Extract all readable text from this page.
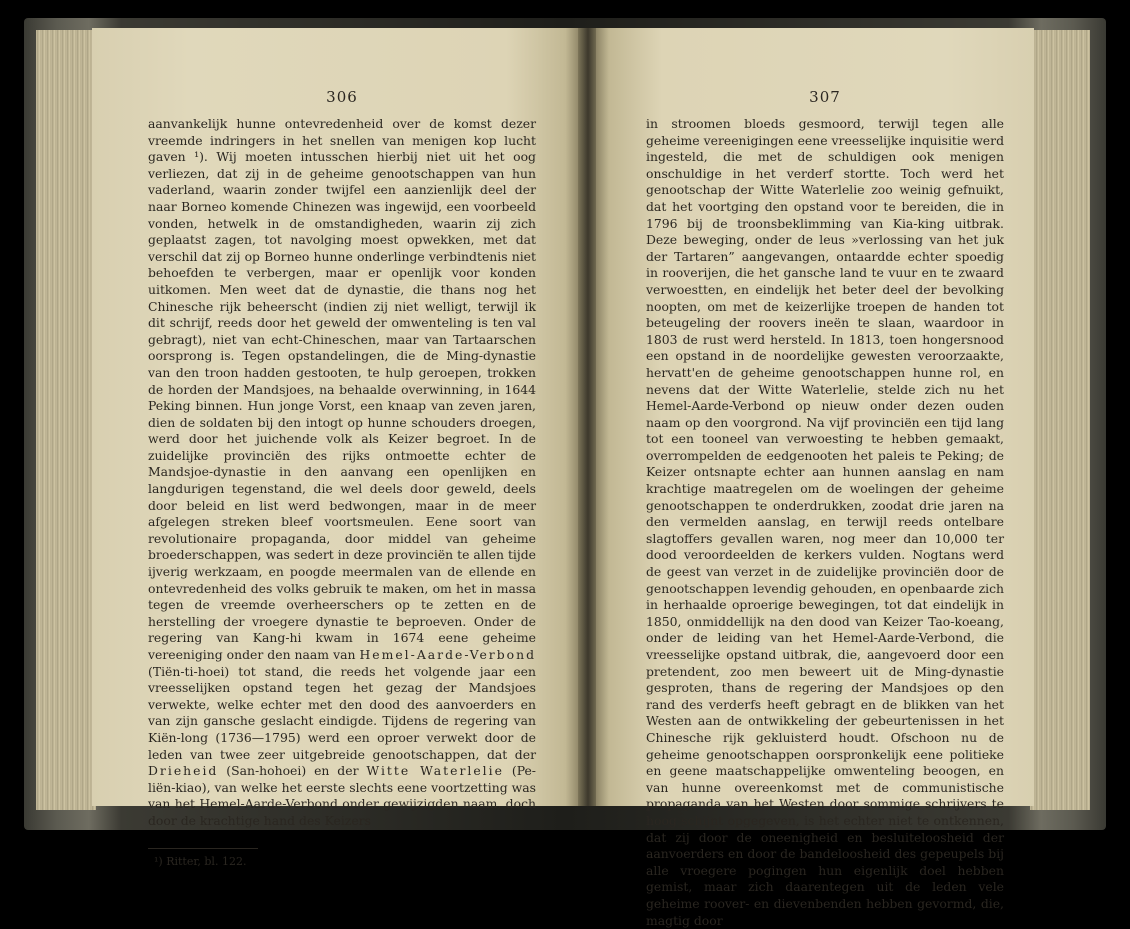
306

aanvankelijk hunne ontevredenheid over de komst dezer vreemde indringers in het snellen van menigen kop lucht gaven ¹). Wij moeten intusschen hierbij niet uit het oog verliezen, dat zij in de geheime genootschappen van hun vaderland, waarin zonder twijfel een aanzienlijk deel der naar Borneo komende Chinezen was ingewijd, een voorbeeld vonden, hetwelk in de omstandigheden, waarin zij zich geplaatst zagen, tot navolging moest opwekken, met dat verschil dat zij op Borneo hunne onderlinge verbindtenis niet behoefden te verbergen, maar er openlijk voor konden uitkomen. Men weet dat de dynastie, die thans nog het Chinesche rijk beheerscht (indien zij niet welligt, terwijl ik dit schrijf, reeds door het geweld der omwenteling is ten val gebragt), niet van echt-Chineschen, maar van Tartaarschen oorsprong is. Tegen opstandelingen, die de Ming-dynastie van den troon hadden gestooten, te hulp geroepen, trokken de horden der Mandsjoes, na behaalde overwinning, in 1644 Peking binnen. Hun jonge Vorst, een knaap van zeven jaren, dien de soldaten bij den intogt op hunne schouders droegen, werd door het juichende volk als Keizer begroet. In de zuidelijke provinciën des rijks ontmoette echter de Mandsjoe-dynastie in den aanvang een openlijken en langdurigen tegenstand, die wel deels door geweld, deels door beleid en list werd bedwongen, maar in de meer afgelegen streken bleef voortsmeulen. Eene soort van revolutionaire propaganda, door middel van geheime broederschappen, was sedert in deze provinciën te allen tijde ijverig werkzaam, en poogde meermalen van de ellende en ontevredenheid des volks gebruik te maken, om het in massa tegen de vreemde overheerschers op te zetten en de herstelling der vroegere dynastie te beproeven. Onder de regering van Kang-hi kwam in 1674 eene geheime vereeniging onder den naam van Hemel-Aarde-Verbond (Tiën-ti-hoei) tot stand, die reeds het volgende jaar een vreesselijken opstand tegen het gezag der Mandsjoes verwekte, welke echter met den dood des aanvoerders en van zijn gansche geslacht eindigde. Tijdens de regering van Kiën-long (1736—1795) werd een oproer verwekt door de leden van twee zeer uitgebreide genootschappen, dat der Drieheid (San-hohoei) en der Witte Waterlelie (Pe-liën-kiao), van welke het eerste slechts eene voortzetting was van het Hemel-Aarde-Verbond onder gewijzigden naam, doch door de krachtige hand des Keizers

¹) Ritter, bl. 122.

307

in stroomen bloeds gesmoord, terwijl tegen alle geheime vereenigingen eene vreesselijke inquisitie werd ingesteld, die met de schuldigen ook menigen onschuldige in het verderf stortte. Toch werd het genootschap der Witte Waterlelie zoo weinig gefnuikt, dat het voortging den opstand voor te bereiden, die in 1796 bij de troonsbeklimming van Kia-king uitbrak. Deze beweging, onder de leus »verlossing van het juk der Tartaren” aangevangen, ontaardde echter spoedig in rooverijen, die het gansche land te vuur en te zwaard verwoestten, en eindelijk het beter deel der bevolking noopten, om met de keizerlijke troepen de handen tot beteugeling der roovers ineën te slaan, waardoor in 1803 de rust werd hersteld. In 1813, toen hongersnood een opstand in de noordelijke gewesten veroorzaakte, hervatt'en de geheime genootschappen hunne rol, en nevens dat der Witte Waterlelie, stelde zich nu het Hemel-Aarde-Verbond op nieuw onder dezen ouden naam op den voorgrond. Na vijf provinciën een tijd lang tot een tooneel van verwoesting te hebben gemaakt, overrompelden de eedgenooten het paleis te Peking; de Keizer ontsnapte echter aan hunnen aanslag en nam krachtige maatregelen om de woelingen der geheime genootschappen te onderdrukken, zoodat drie jaren na den vermelden aanslag, en terwijl reeds ontelbare slagtoffers gevallen waren, nog meer dan 10,000 ter dood veroordeelden de kerkers vulden. Nogtans werd de geest van verzet in de zuidelijke provinciën door de genootschappen levendig gehouden, en openbaarde zich in herhaalde oproerige bewegingen, tot dat eindelijk in 1850, onmiddellijk na den dood van Keizer Tao-koeang, onder de leiding van het Hemel-Aarde-Verbond, die vreesselijke opstand uitbrak, die, aangevoerd door een pretendent, zoo men beweert uit de Ming-dynastie gesproten, thans de regering der Mandsjoes op den rand des verderfs heeft gebragt en de blikken van het Westen aan de ontwikkeling der gebeurtenissen in het Chinesche rijk gekluisterd houdt. Ofschoon nu de geheime genootschappen oorspronkelijk eene politieke en geene maatschappelijke omwenteling beoogen, en van hunne overeenkomst met de communistische propaganda van het Westen door sommige schrijvers te hoog schijnt opgegeven, is het echter niet te ontkennen, dat zij door de oneenigheid en besluiteloosheid der aanvoerders en door de bandeloosheid des gepeupels bij alle vroegere pogingen hun eigenlijk doel hebben gemist, maar zich daarentegen uit de leden vele geheime roover- en dievenbenden hebben gevormd, die, magtig door
